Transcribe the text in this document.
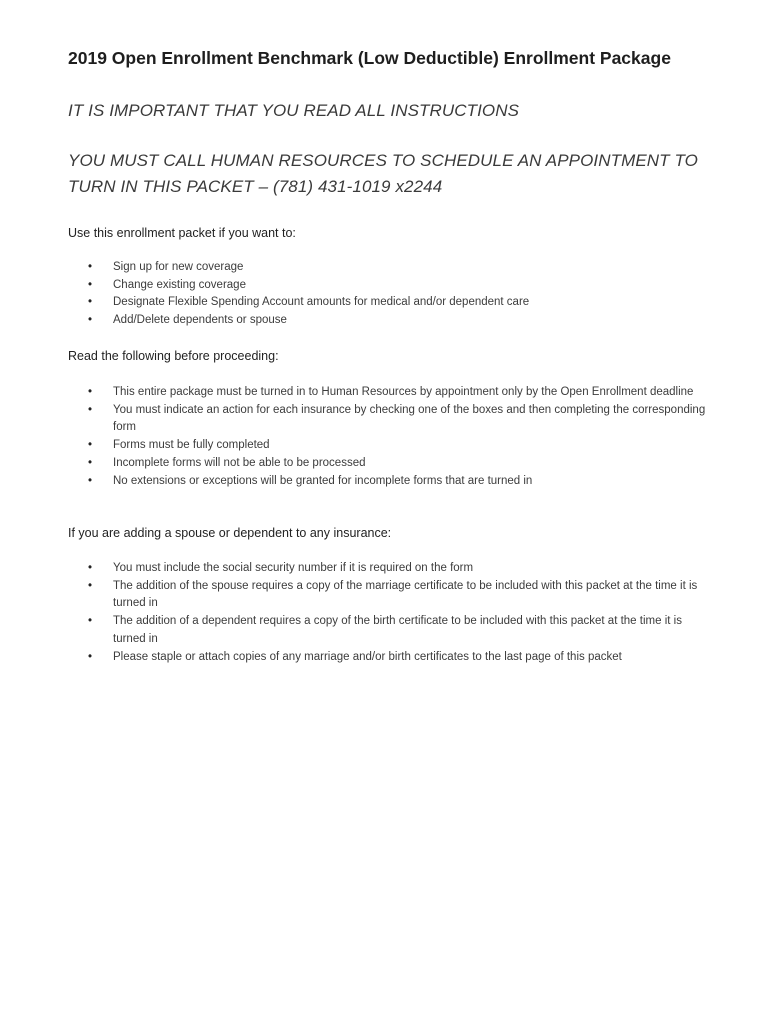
2019 Open Enrollment Benchmark (Low Deductible) Enrollment Package

IT IS IMPORTANT THAT YOU READ ALL INSTRUCTIONS

YOU MUST CALL HUMAN RESOURCES TO SCHEDULE AN APPOINTMENT TO TURN IN THIS PACKET – (781) 431-1019 x2244

Use this enrollment packet if you want to:

• Sign up for new coverage
• Change existing coverage
• Designate Flexible Spending Account amounts for medical and/or dependent care
• Add/Delete dependents or spouse

Read the following before proceeding:

• This entire package must be turned in to Human Resources by appointment only by the Open Enrollment deadline
• You must indicate an action for each insurance by checking one of the boxes and then completing the corresponding form
• Forms must be fully completed
• Incomplete forms will not be able to be processed
• No extensions or exceptions will be granted for incomplete forms that are turned in

If you are adding a spouse or dependent to any insurance:

• You must include the social security number if it is required on the form
• The addition of the spouse requires a copy of the marriage certificate to be included with this packet at the time it is turned in
• The addition of a dependent requires a copy of the birth certificate to be included with this packet at the time it is turned in
• Please staple or attach copies of any marriage and/or birth certificates to the last page of this packet
